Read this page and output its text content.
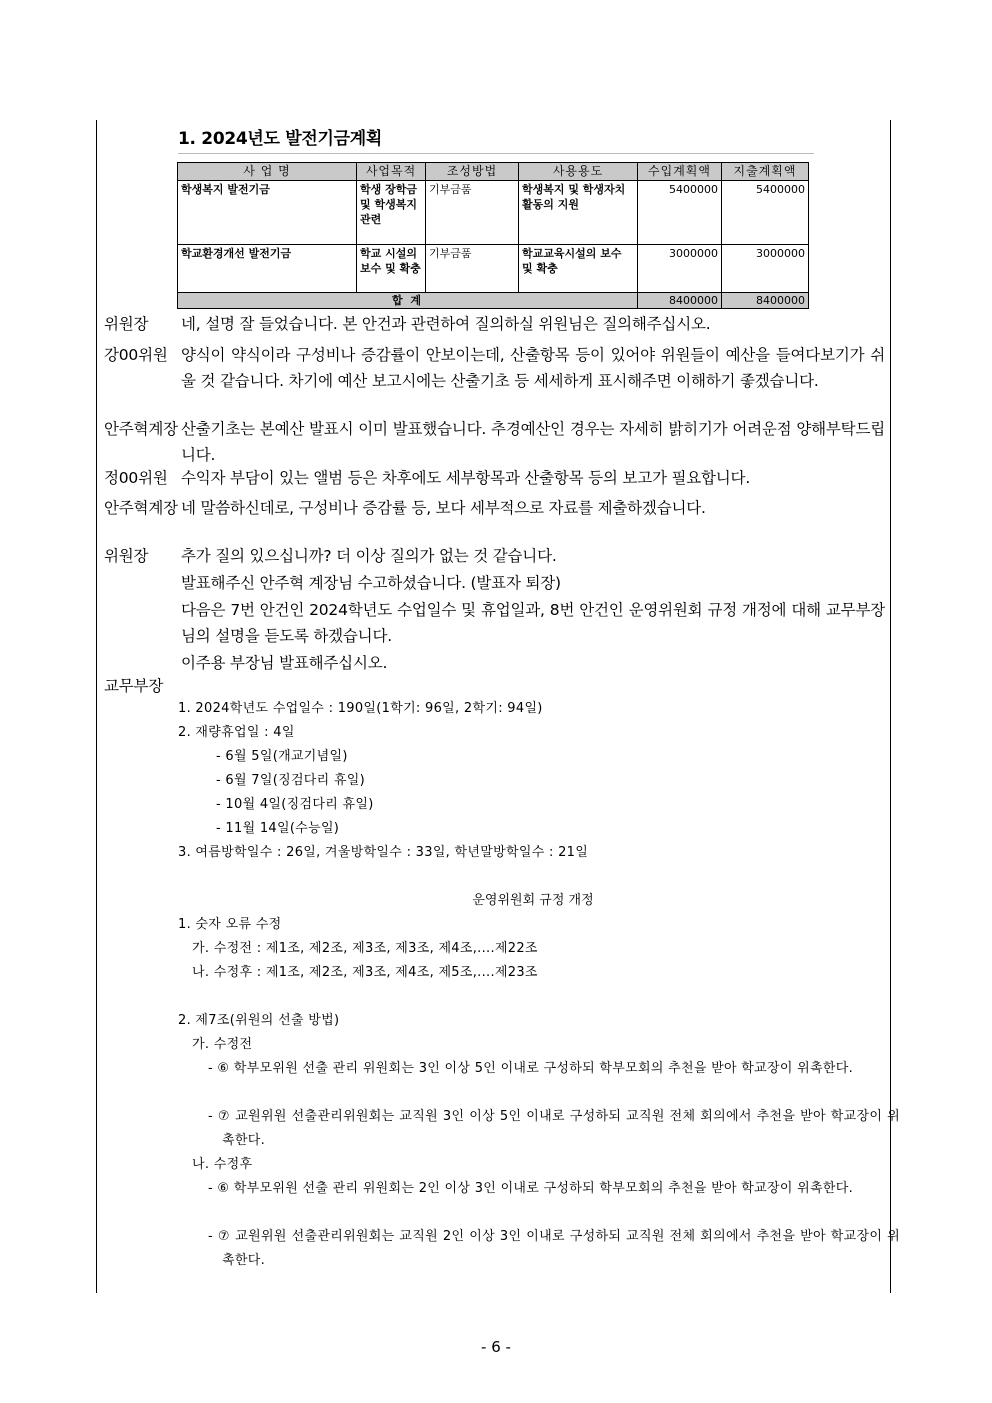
1. 2024년도 발전기금계획
사 업 명	사업목적	조성방법	사용용도	수입계획액	지출계획액
학생복지 발전기금	학생 장학금 및 학생복지 관련	기부금품	학생복지 및 학생자치활동의 지원	5400000	5400000
학교환경개선 발전기금	학교 시설의 보수 및 확충	기부금품	학교교육시설의 보수 및 확충	3000000	3000000
합 계				8400000	8400000
위원장	네, 설명 잘 들었습니다. 본 안건과 관련하여 질의하실 위원님은 질의해주십시오.
강00위원 양식이 약식이라 구성비나 증감률이 안보이는데, 산출항목 등이 있어야 위원들이 예산을 들여다보기가 쉬울 것 같습니다. 차기에 예산 보고시에는 산출기초 등 세세하게 표시해주면 이해하기 좋겠습니다.
안주혁계장 산출기초는 본예산 발표시 이미 발표했습니다. 추경예산인 경우는 자세히 밝히기가 어려운점 양해부탁드립니다.
정00위원 수익자 부담이 있는 앨범 등은 차후에도 세부항목과 산출항목 등의 보고가 필요합니다.
안주혁계장 네 말씀하신데로, 구성비나 증감률 등, 보다 세부적으로 자료를 제출하겠습니다.
위원장	추가 질의 있으십니까? 더 이상 질의가 없는 것 같습니다.
발표해주신 안주혁 계장님 수고하셨습니다. (발표자 퇴장)
다음은 7번 안건인 2024학년도 수업일수 및 휴업일과, 8번 안건인 운영위원회 규정 개정에 대해 교무부장님의 설명을 듣도록 하겠습니다.
이주용 부장님 발표해주십시오.
교무부장
1. 2024학년도 수업일수 : 190일(1학기: 96일, 2학기: 94일)
2. 재량휴업일 : 4일
- 6월 5일(개교기념일)
- 6월 7일(징검다리 휴일)
- 10월 4일(징검다리 휴일)
- 11월 14일(수능일)
3. 여름방학일수 : 26일, 겨울방학일수 : 33일, 학년말방학일수 : 21일
운영위원회 규정 개정
1. 숫자 오류 수정
가. 수정전 : 제1조, 제2조, 제3조, 제3조, 제4조,....제22조
나. 수정후 : 제1조, 제2조, 제3조, 제4조, 제5조,....제23조
2. 제7조(위원의 선출 방법)
가. 수정전
- ⑥ 학부모위원 선출 관리 위원회는 3인 이상 5인 이내로 구성하되 학부모회의 추천을 받아 학교장이 위촉한다.
- ⑦ 교원위원 선출관리위원회는 교직원 3인 이상 5인 이내로 구성하되 교직원 전체 회의에서 추천을 받아 학교장이 위촉한다.
나. 수정후
- ⑥ 학부모위원 선출 관리 위원회는 2인 이상 3인 이내로 구성하되 학부모회의 추천을 받아 학교장이 위촉한다.
- ⑦ 교원위원 선출관리위원회는 교직원 2인 이상 3인 이내로 구성하되 교직원 전체 회의에서 추천을 받아 학교장이 위촉한다.
- 6 -
